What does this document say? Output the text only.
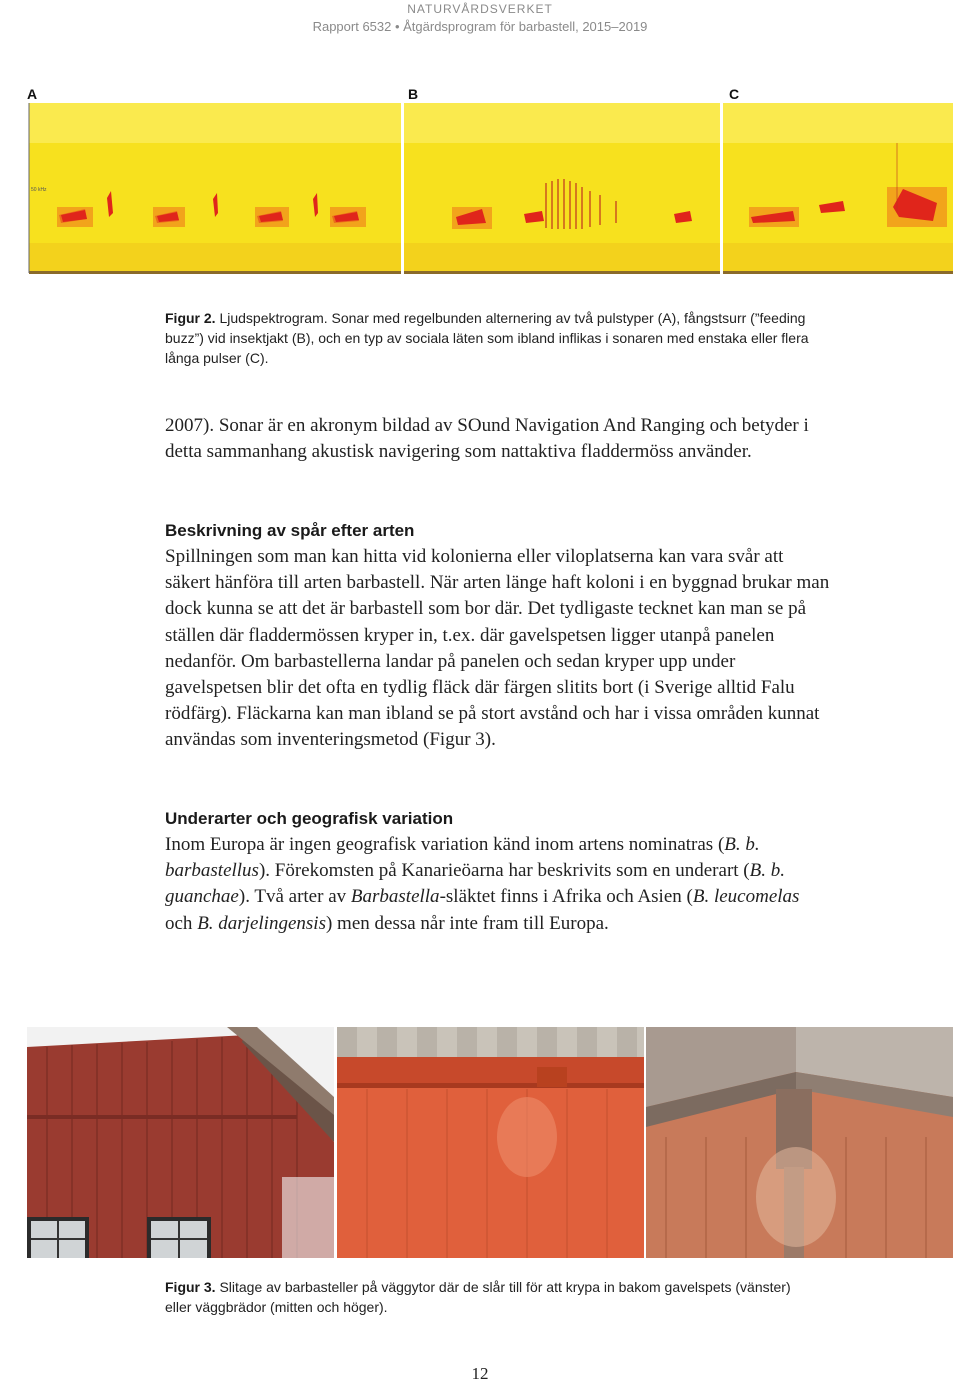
NATURVÅRDSVERKET
Rapport 6532 • Åtgärdsprogram för barbastell, 2015–2019
A	B	C
50 kHz
Figur 2. Ljudspektrogram. Sonar med regelbunden alternering av två pulstyper (A), fångstsurr (”feeding buzz”) vid insektjakt (B), och en typ av sociala läten som ibland inflikas i sonaren med enstaka eller flera långa pulser (C).

2007). Sonar är en akronym bildad av SOund Navigation And Ranging och betyder i detta sammanhang akustisk navigering som nattaktiva fladdermöss använder.

Beskrivning av spår efter arten

Spillningen som man kan hitta vid kolonierna eller viloplatserna kan vara svår att säkert hänföra till arten barbastell. När arten länge haft koloni i en byggnad brukar man dock kunna se att det är barbastell som bor där. Det tydligaste tecknet kan man se på ställen där fladdermössen kryper in, t.ex. där gavelspetsen ligger utanpå panelen nedanför. Om barbastellerna landar på panelen och sedan kryper upp under gavelspetsen blir det ofta en tydlig fläck där färgen slitits bort (i Sverige alltid Falu rödfärg). Fläckarna kan man ibland se på stort avstånd och har i vissa områden kunnat användas som inventeringsmetod (Figur 3).

Underarter och geografisk variation

Inom Europa är ingen geografisk variation känd inom artens nominatras (B. b. barbastellus). Förekomsten på Kanarieöarna har beskrivits som en underart (B. b. guanchae). Två arter av Barbastella-släktet finns i Afrika och Asien (B. leucomelas och B. darjelingensis) men dessa når inte fram till Europa.

Figur 3. Slitage av barbasteller på väggytor där de slår till för att krypa in bakom gavelspets (vänster) eller väggbrädor (mitten och höger).
12
